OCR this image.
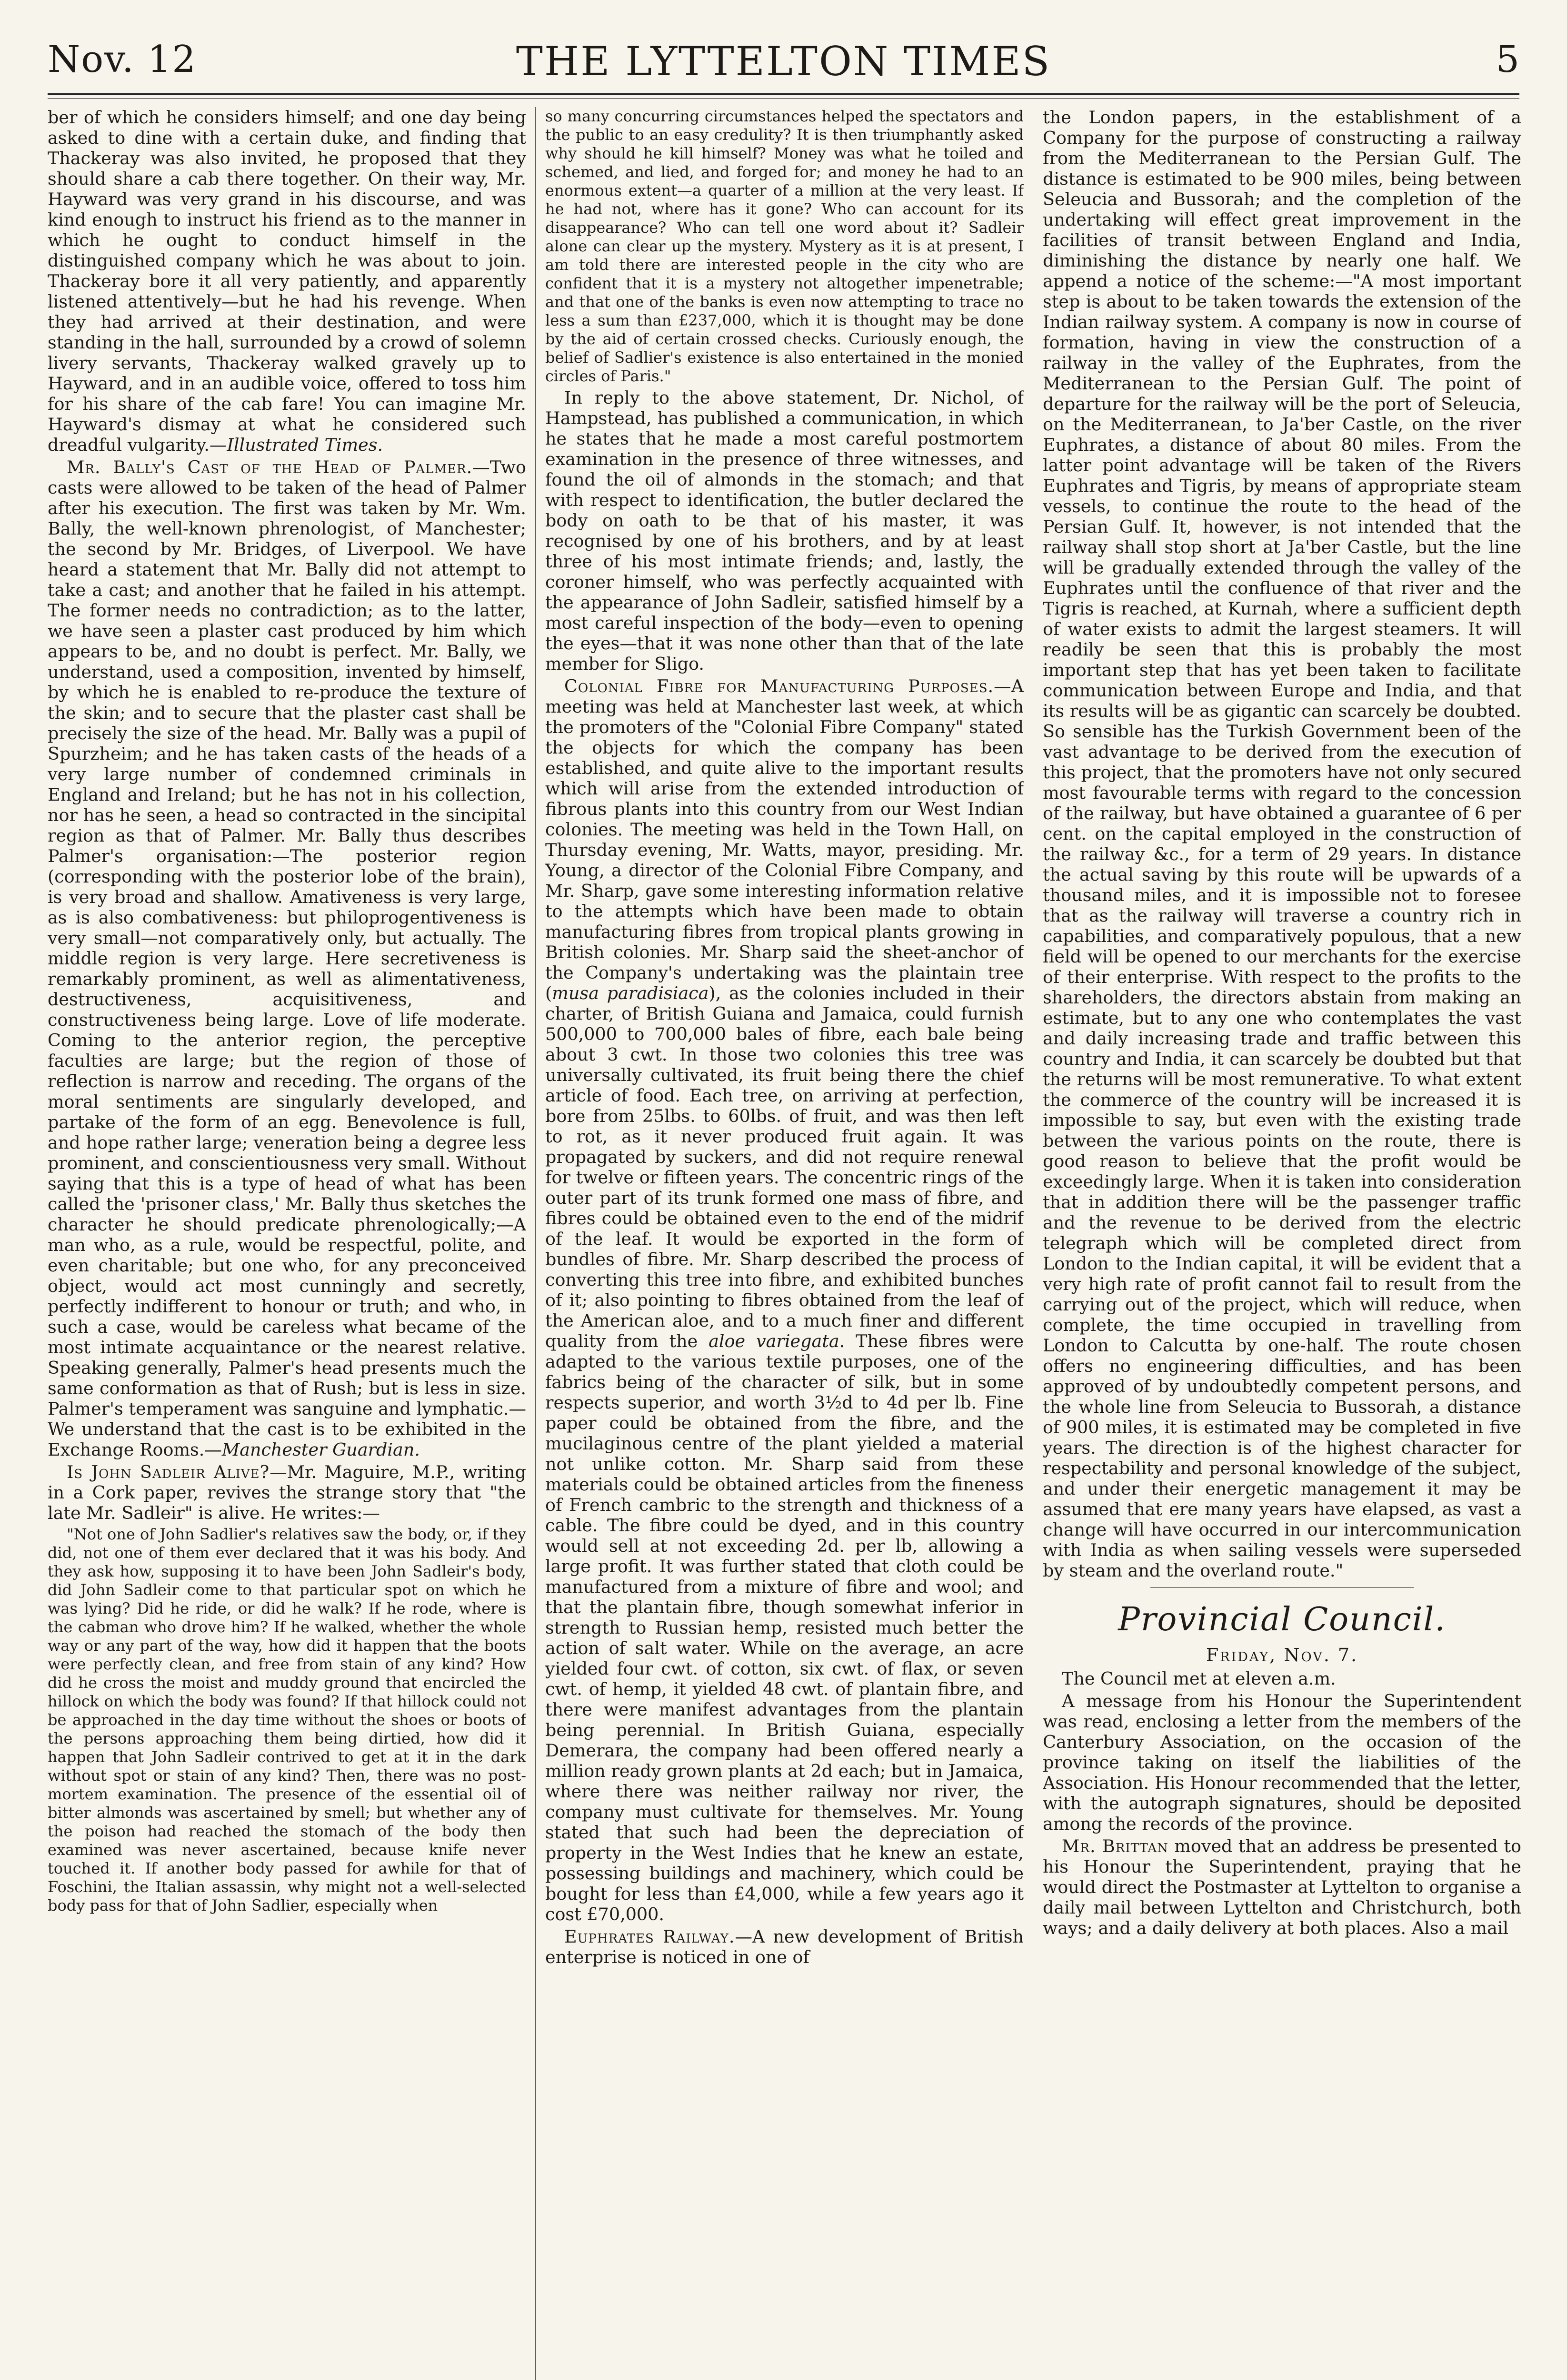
Nov. 12	THE LYTTELTON TIMES	5

ber of which he considers himself; and one day being asked to dine with a certain duke, and finding that Thackeray was also invited, he proposed that they should share a cab there together. On their way, Mr. Hayward was very grand in his discourse, and was kind enough to instruct his friend as to the manner in which he ought to conduct himself in the distinguished company which he was about to join. Thackeray bore it all very patiently, and apparently listened attentively—but he had his revenge. When they had arrived at their destination, and were standing in the hall, surrounded by a crowd of solemn livery servants, Thackeray walked gravely up to Hayward, and in an audible voice, offered to toss him for his share of the cab fare! You can imagine Mr. Hayward's dismay at what he considered such dreadful vulgarity.—Illustrated Times.

Mr. Bally's Cast of the Head of Palmer.—Two casts were allowed to be taken of the head of Palmer after his execution. The first was taken by Mr. Wm. Bally, the well-known phrenologist, of Manchester; the second by Mr. Bridges, of Liverpool. We have heard a statement that Mr. Bally did not attempt to take a cast; and another that he failed in his attempt. The former needs no contradiction; as to the latter, we have seen a plaster cast produced by him which appears to be, and no doubt is perfect. Mr. Bally, we understand, used a composition, invented by himself, by which he is enabled to re-produce the texture of the skin; and to secure that the plaster cast shall be precisely the size of the head. Mr. Bally was a pupil of Spurzheim; and he has taken casts of the heads of a very large number of condemned criminals in England and Ireland; but he has not in his collection, nor has he seen, a head so contracted in the sincipital region as that of Palmer. Mr. Bally thus describes Palmer's organisation:—The posterior region (corresponding with the posterior lobe of the brain), is very broad and shallow. Amativeness is very large, as is also combativeness: but philoprogentiveness is very small—not comparatively only, but actually. The middle region is very large. Here secretiveness is remarkably prominent, as well as alimentativeness, destructiveness, acquisitiveness, and constructiveness being large. Love of life moderate. Coming to the anterior region, the perceptive faculties are large; but the region of those of reflection is narrow and receding. The organs of the moral sentiments are singularly developed, and partake of the form of an egg. Benevolence is full, and hope rather large; veneration being a degree less prominent, and conscientiousness very small. Without saying that this is a type of head of what has been called the 'prisoner class,' Mr. Bally thus sketches the character he should predicate phrenologically;—A man who, as a rule, would be respectful, polite, and even charitable; but one who, for any preconceived object, would act most cunningly and secretly, perfectly indifferent to honour or truth; and who, in such a case, would be careless what became of the most intimate acquaintance or the nearest relative. Speaking generally, Palmer's head presents much the same conformation as that of Rush; but is less in size. Palmer's temperament was sanguine and lymphatic.—We understand that the cast is to be exhibited in the Exchange Rooms.—Manchester Guardian.

Is John Sadleir Alive?—Mr. Maguire, M.P., writing in a Cork paper, revives the strange story that "the late Mr. Sadleir" is alive. He writes:—

"Not one of John Sadlier's relatives saw the body, or, if they did, not one of them ever declared that it was his body. And they ask how, supposing it to have been John Sadleir's body, did John Sadleir come to that particular spot on which he was lying? Did he ride, or did he walk? If he rode, where is the cabman who drove him? If he walked, whether the whole way or any part of the way, how did it happen that the boots were perfectly clean, and free from stain of any kind? How did he cross the moist and muddy ground that encircled the hillock on which the body was found? If that hillock could not be approached in the day time without the shoes or boots of the persons approaching them being dirtied, how did it happen that John Sadleir contrived to get at it in the dark without spot or stain of any kind? Then, there was no post-mortem examination. The presence of the essential oil of bitter almonds was ascertained by smell; but whether any of the poison had reached the stomach of the body then examined was never ascertained, because knife never touched it. If another body passed for awhile for that of Foschini, the Italian assassin, why might not a well-selected body pass for that of John Sadlier, especially when

so many concurring circumstances helped the spectators and the public to an easy credulity? It is then triumphantly asked why should he kill himself? Money was what he toiled and schemed, and lied, and forged for; and money he had to an enormous extent—a quarter of a million at the very least. If he had not, where has it gone? Who can account for its disappearance? Who can tell one word about it? Sadleir alone can clear up the mystery. Mystery as it is at present, I am told there are interested people in the city who are confident that it is a mystery not altogether impenetrable; and that one of the banks is even now attempting to trace no less a sum than £237,000, which it is thought may be done by the aid of certain crossed checks. Curiously enough, the belief of Sadlier's existence is also entertained in the monied circles of Paris."

In reply to the above statement, Dr. Nichol, of Hampstead, has published a communication, in which he states that he made a most careful postmortem examination in the presence of three witnesses, and found the oil of almonds in the stomach; and that with respect to identification, the butler declared the body on oath to be that of his master, it was recognised by one of his brothers, and by at least three of his most intimate friends; and, lastly, the coroner himself, who was perfectly acquainted with the appearance of John Sadleir, satisfied himself by a most careful inspection of the body—even to opening the eyes—that it was none other than that of the late member for Sligo.

Colonial Fibre for Manufacturing Purposes.—A meeting was held at Manchester last week, at which the promoters of the "Colonial Fibre Company" stated the objects for which the company has been established, and quite alive to the important results which will arise from the extended introduction of fibrous plants into this country from our West Indian colonies. The meeting was held in the Town Hall, on Thursday evening, Mr. Watts, mayor, presiding. Mr. Young, a director of the Colonial Fibre Company, and Mr. Sharp, gave some interesting information relative to the attempts which have been made to obtain manufacturing fibres from tropical plants growing in British colonies. Mr. Sharp said the sheet-anchor of the Company's undertaking was the plaintain tree (musa paradisiaca), as the colonies included in their charter, of British Guiana and Jamaica, could furnish 500,000 to 700,000 bales of fibre, each bale being about 3 cwt. In those two colonies this tree was universally cultivated, its fruit being there the chief article of food. Each tree, on arriving at perfection, bore from 25lbs. to 60lbs. of fruit, and was then left to rot, as it never produced fruit again. It was propagated by suckers, and did not require renewal for twelve or fifteen years. The concentric rings of the outer part of its trunk formed one mass of fibre, and fibres could be obtained even to the end of the midrif of the leaf. It would be exported in the form of bundles of fibre. Mr. Sharp described the process of converting this tree into fibre, and exhibited bunches of it; also pointing to fibres obtained from the leaf of the American aloe, and to a much finer and different quality from the aloe variegata. These fibres were adapted to the various textile purposes, one of the fabrics being of the character of silk, but in some respects superior, and worth 3½d to 4d per lb. Fine paper could be obtained from the fibre, and the mucilaginous centre of the plant yielded a material not unlike cotton. Mr. Sharp said from these materials could be obtained articles from the fineness of French cambric to the strength and thickness of a cable. The fibre could be dyed, and in this country would sell at not exceeding 2d. per lb, allowing a large profit. It was further stated that cloth could be manufactured from a mixture of fibre and wool; and that the plantain fibre, though somewhat inferior in strength to Russian hemp, resisted much better the action of salt water. While on the average, an acre yielded four cwt. of cotton, six cwt. of flax, or seven cwt. of hemp, it yielded 48 cwt. of plantain fibre, and there were manifest advantages from the plantain being perennial. In British Guiana, especially Demerara, the company had been offered nearly a million ready grown plants at 2d each; but in Jamaica, where there was neither railway nor river, the company must cultivate for themselves. Mr. Young stated that such had been the depreciation of property in the West Indies that he knew an estate, possessing buildings and machinery, which could be bought for less than £4,000, while a few years ago it cost £70,000.

Euphrates Railway.—A new development of British enterprise is noticed in one of

the London papers, in the establishment of a Company for the purpose of constructing a railway from the Mediterranean to the Persian Gulf. The distance is estimated to be 900 miles, being between Seleucia and Bussorah; and the completion of the undertaking will effect great improvement in the facilities of transit between England and India, diminishing the distance by nearly one half. We append a notice of the scheme:—"A most important step is about to be taken towards the extension of the Indian railway system. A company is now in course of formation, having in view the construction of a railway in the valley of the Euphrates, from the Mediterranean to the Persian Gulf. The point of departure for the railway will be the port of Seleucia, on the Mediterranean, to Ja'ber Castle, on the river Euphrates, a distance of about 80 miles. From the latter point advantage will be taken of the Rivers Euphrates and Tigris, by means of appropriate steam vessels, to continue the route to the head of the Persian Gulf. It, however, is not intended that the railway shall stop short at Ja'ber Castle, but the line will be gradually extended through the valley of the Euphrates until the confluence of that river and the Tigris is reached, at Kurnah, where a sufficient depth of water exists to admit the largest steamers. It will readily be seen that this is probably the most important step that has yet been taken to facilitate communication between Europe and India, and that its results will be as gigantic can scarcely be doubted. So sensible has the Turkish Government been of the vast advantage to be derived from the execution of this project, that the promoters have not only secured most favourable terms with regard to the concession of the railway, but have obtained a guarantee of 6 per cent. on the capital employed in the construction of the railway &c., for a term of 29 years. In distance the actual saving by this route will be upwards of a thousand miles, and it is impossible not to foresee that as the railway will traverse a country rich in capabilities, and comparatively populous, that a new field will be opened to our merchants for the exercise of their enterprise. With respect to the profits to the shareholders, the directors abstain from making an estimate, but to any one who contemplates the vast and daily increasing trade and traffic between this country and India, it can scarcely be doubted but that the returns will be most remunerative. To what extent the commerce of the country will be increased it is impossible to say, but even with the existing trade between the various points on the route, there is good reason to believe that the profit would be exceedingly large. When it is taken into consideration that in addition there will be the passenger traffic and the revenue to be derived from the electric telegraph which will be completed direct from London to the Indian capital, it will be evident that a very high rate of profit cannot fail to result from the carrying out of the project, which will reduce, when complete, the time occupied in travelling from London to Calcutta by one-half. The route chosen offers no engineering difficulties, and has been approved of by undoubtedly competent persons, and the whole line from Seleucia to Bussorah, a distance of 900 miles, it is estimated may be completed in five years. The direction is of the highest character for respectability and personal knowledge of the subject, and under their energetic management it may be assumed that ere many years have elapsed, as vast a change will have occurred in our intercommunication with India as when sailing vessels were superseded by steam and the overland route."

Provincial Council.
Friday, Nov. 7.

The Council met at eleven a.m.

A message from his Honour the Superintendent was read, enclosing a letter from the members of the Canterbury Association, on the occasion of the province taking on itself the liabilities of the Association. His Honour recommended that the letter, with the autograph signatures, should be deposited among the records of the province.

Mr. Brittan moved that an address be presented to his Honour the Superintendent, praying that he would direct the Postmaster at Lyttelton to organise a daily mail between Lyttelton and Christchurch, both ways; and a daily delivery at both places. Also a mail
